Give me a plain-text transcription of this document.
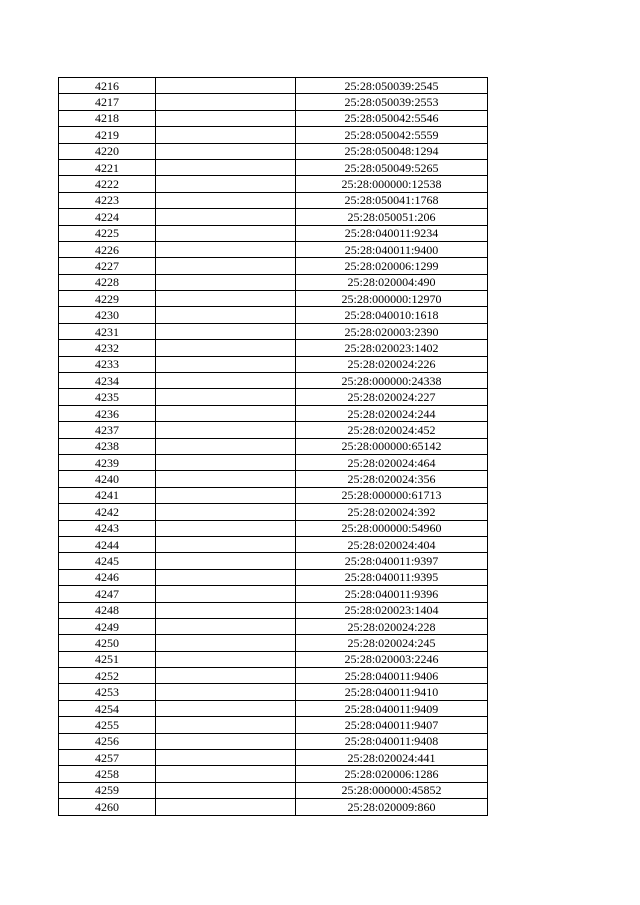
4216		25:28:050039:2545
4217		25:28:050039:2553
4218		25:28:050042:5546
4219		25:28:050042:5559
4220		25:28:050048:1294
4221		25:28:050049:5265
4222		25:28:000000:12538
4223		25:28:050041:1768
4224		25:28:050051:206
4225		25:28:040011:9234
4226		25:28:040011:9400
4227		25:28:020006:1299
4228		25:28:020004:490
4229		25:28:000000:12970
4230		25:28:040010:1618
4231		25:28:020003:2390
4232		25:28:020023:1402
4233		25:28:020024:226
4234		25:28:000000:24338
4235		25:28:020024:227
4236		25:28:020024:244
4237		25:28:020024:452
4238		25:28:000000:65142
4239		25:28:020024:464
4240		25:28:020024:356
4241		25:28:000000:61713
4242		25:28:020024:392
4243		25:28:000000:54960
4244		25:28:020024:404
4245		25:28:040011:9397
4246		25:28:040011:9395
4247		25:28:040011:9396
4248		25:28:020023:1404
4249		25:28:020024:228
4250		25:28:020024:245
4251		25:28:020003:2246
4252		25:28:040011:9406
4253		25:28:040011:9410
4254		25:28:040011:9409
4255		25:28:040011:9407
4256		25:28:040011:9408
4257		25:28:020024:441
4258		25:28:020006:1286
4259		25:28:000000:45852
4260		25:28:020009:860
